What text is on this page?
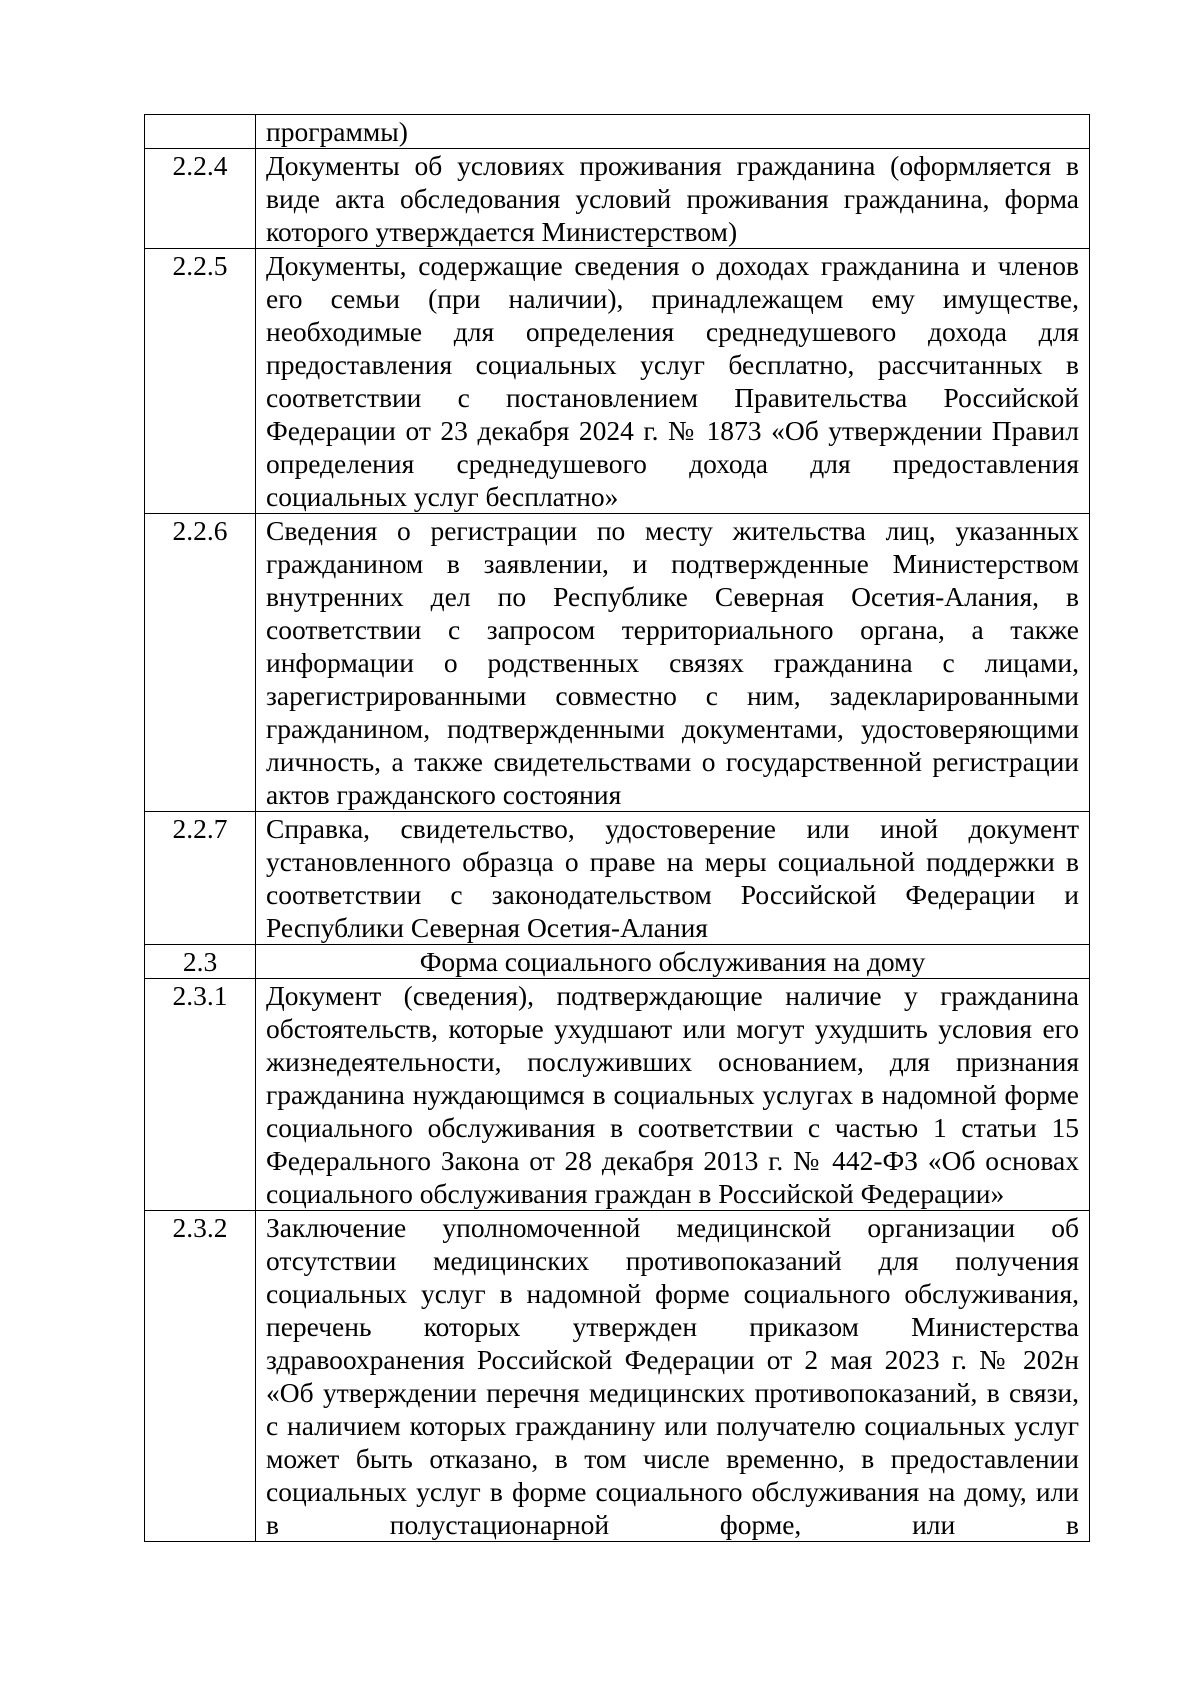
	программы)
2.2.4	Документы об условиях проживания гражданина (оформляется в виде акта обследования условий проживания гражданина, форма которого утверждается Министерством)
2.2.5	Документы, содержащие сведения о доходах гражданина и членов его семьи (при наличии), принадлежащем ему имуществе, необходимые для определения среднедушевого дохода для предоставления социальных услуг бесплатно, рассчитанных в соответствии с постановлением Правительства Российской Федерации от 23 декабря 2024 г. № 1873 «Об утверждении Правил определения среднедушевого дохода для предоставления социальных услуг бесплатно»
2.2.6	Сведения о регистрации по месту жительства лиц, указанных гражданином в заявлении, и подтвержденные Министерством внутренних дел по Республике Северная Осетия-Алания, в соответствии с запросом территориального органа, а также информации о родственных связях гражданина с лицами, зарегистрированными совместно с ним, задекларированными гражданином, подтвержденными документами, удостоверяющими личность, а также свидетельствами о государственной регистрации актов гражданского состояния
2.2.7	Справка, свидетельство, удостоверение или иной документ установленного образца о праве на меры социальной поддержки в соответствии с законодательством Российской Федерации и Республики Северная Осетия-Алания
2.3	Форма социального обслуживания на дому
2.3.1	Документ (сведения), подтверждающие наличие у гражданина обстоятельств, которые ухудшают или могут ухудшить условия его жизнедеятельности, послуживших основанием, для признания гражданина нуждающимся в социальных услугах в надомной форме социального обслуживания в соответствии с частью 1 статьи 15 Федерального Закона от 28 декабря 2013 г. № 442-ФЗ «Об основах социального обслуживания граждан в Российской Федерации»
2.3.2	Заключение уполномоченной медицинской организации об отсутствии медицинских противопоказаний для получения социальных услуг в надомной форме социального обслуживания, перечень которых утвержден приказом Министерства здравоохранения Российской Федерации от 2 мая 2023 г. № 202н «Об утверждении перечня медицинских противопоказаний, в связи, с наличием которых гражданину или получателю социальных услуг может быть отказано, в том числе временно, в предоставлении социальных услуг в форме социального обслуживания на дому, или в полустационарной форме, или в
